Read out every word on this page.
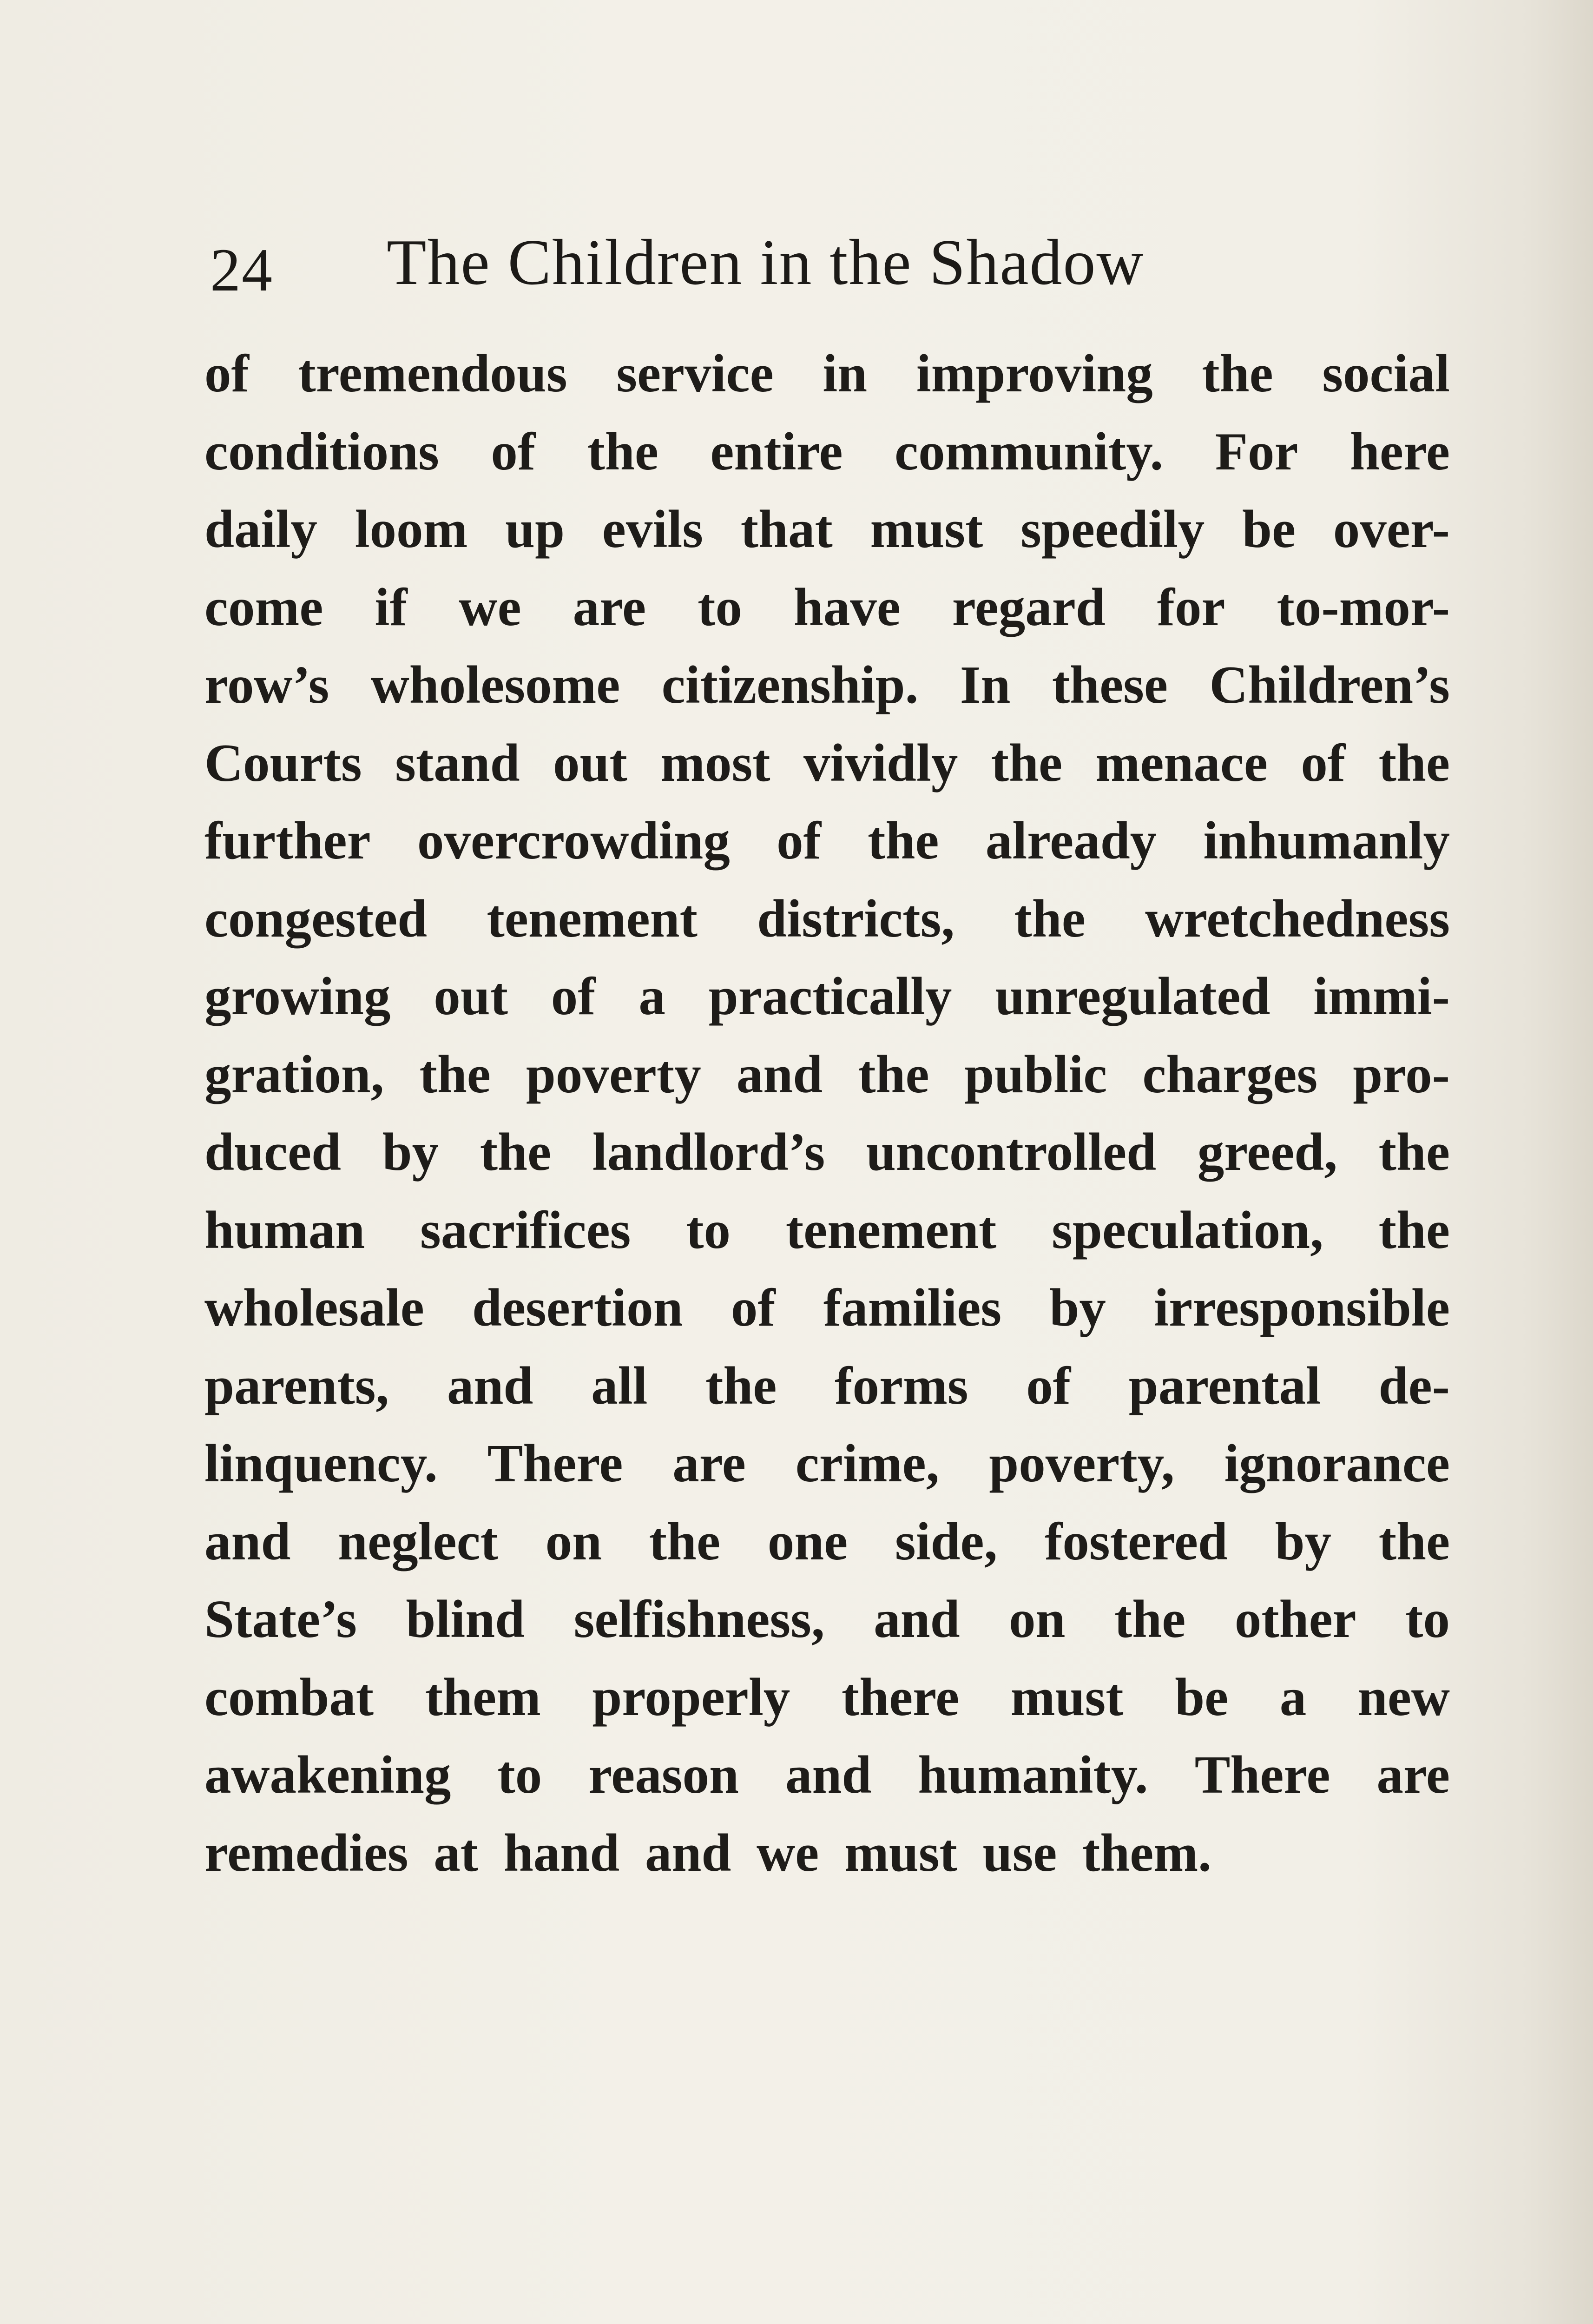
24 The Children in the Shadow
of tremendous service in improving the social
conditions of the entire community. For here
daily loom up evils that must speedily be over-
come if we are to have regard for to-mor-
row’s wholesome citizenship. In these Children’s
Courts stand out most vividly the menace of the
further overcrowding of the already inhumanly
congested tenement districts, the wretchedness
growing out of a practically unregulated immi-
gration, the poverty and the public charges pro-
duced by the landlord’s uncontrolled greed, the
human sacrifices to tenement speculation, the
wholesale desertion of families by irresponsible
parents, and all the forms of parental de-
linquency. There are crime, poverty, ignorance
and neglect on the one side, fostered by the
State’s blind selfishness, and on the other to
combat them properly there must be a new
awakening to reason and humanity. There are
remedies at hand and we must use them.
